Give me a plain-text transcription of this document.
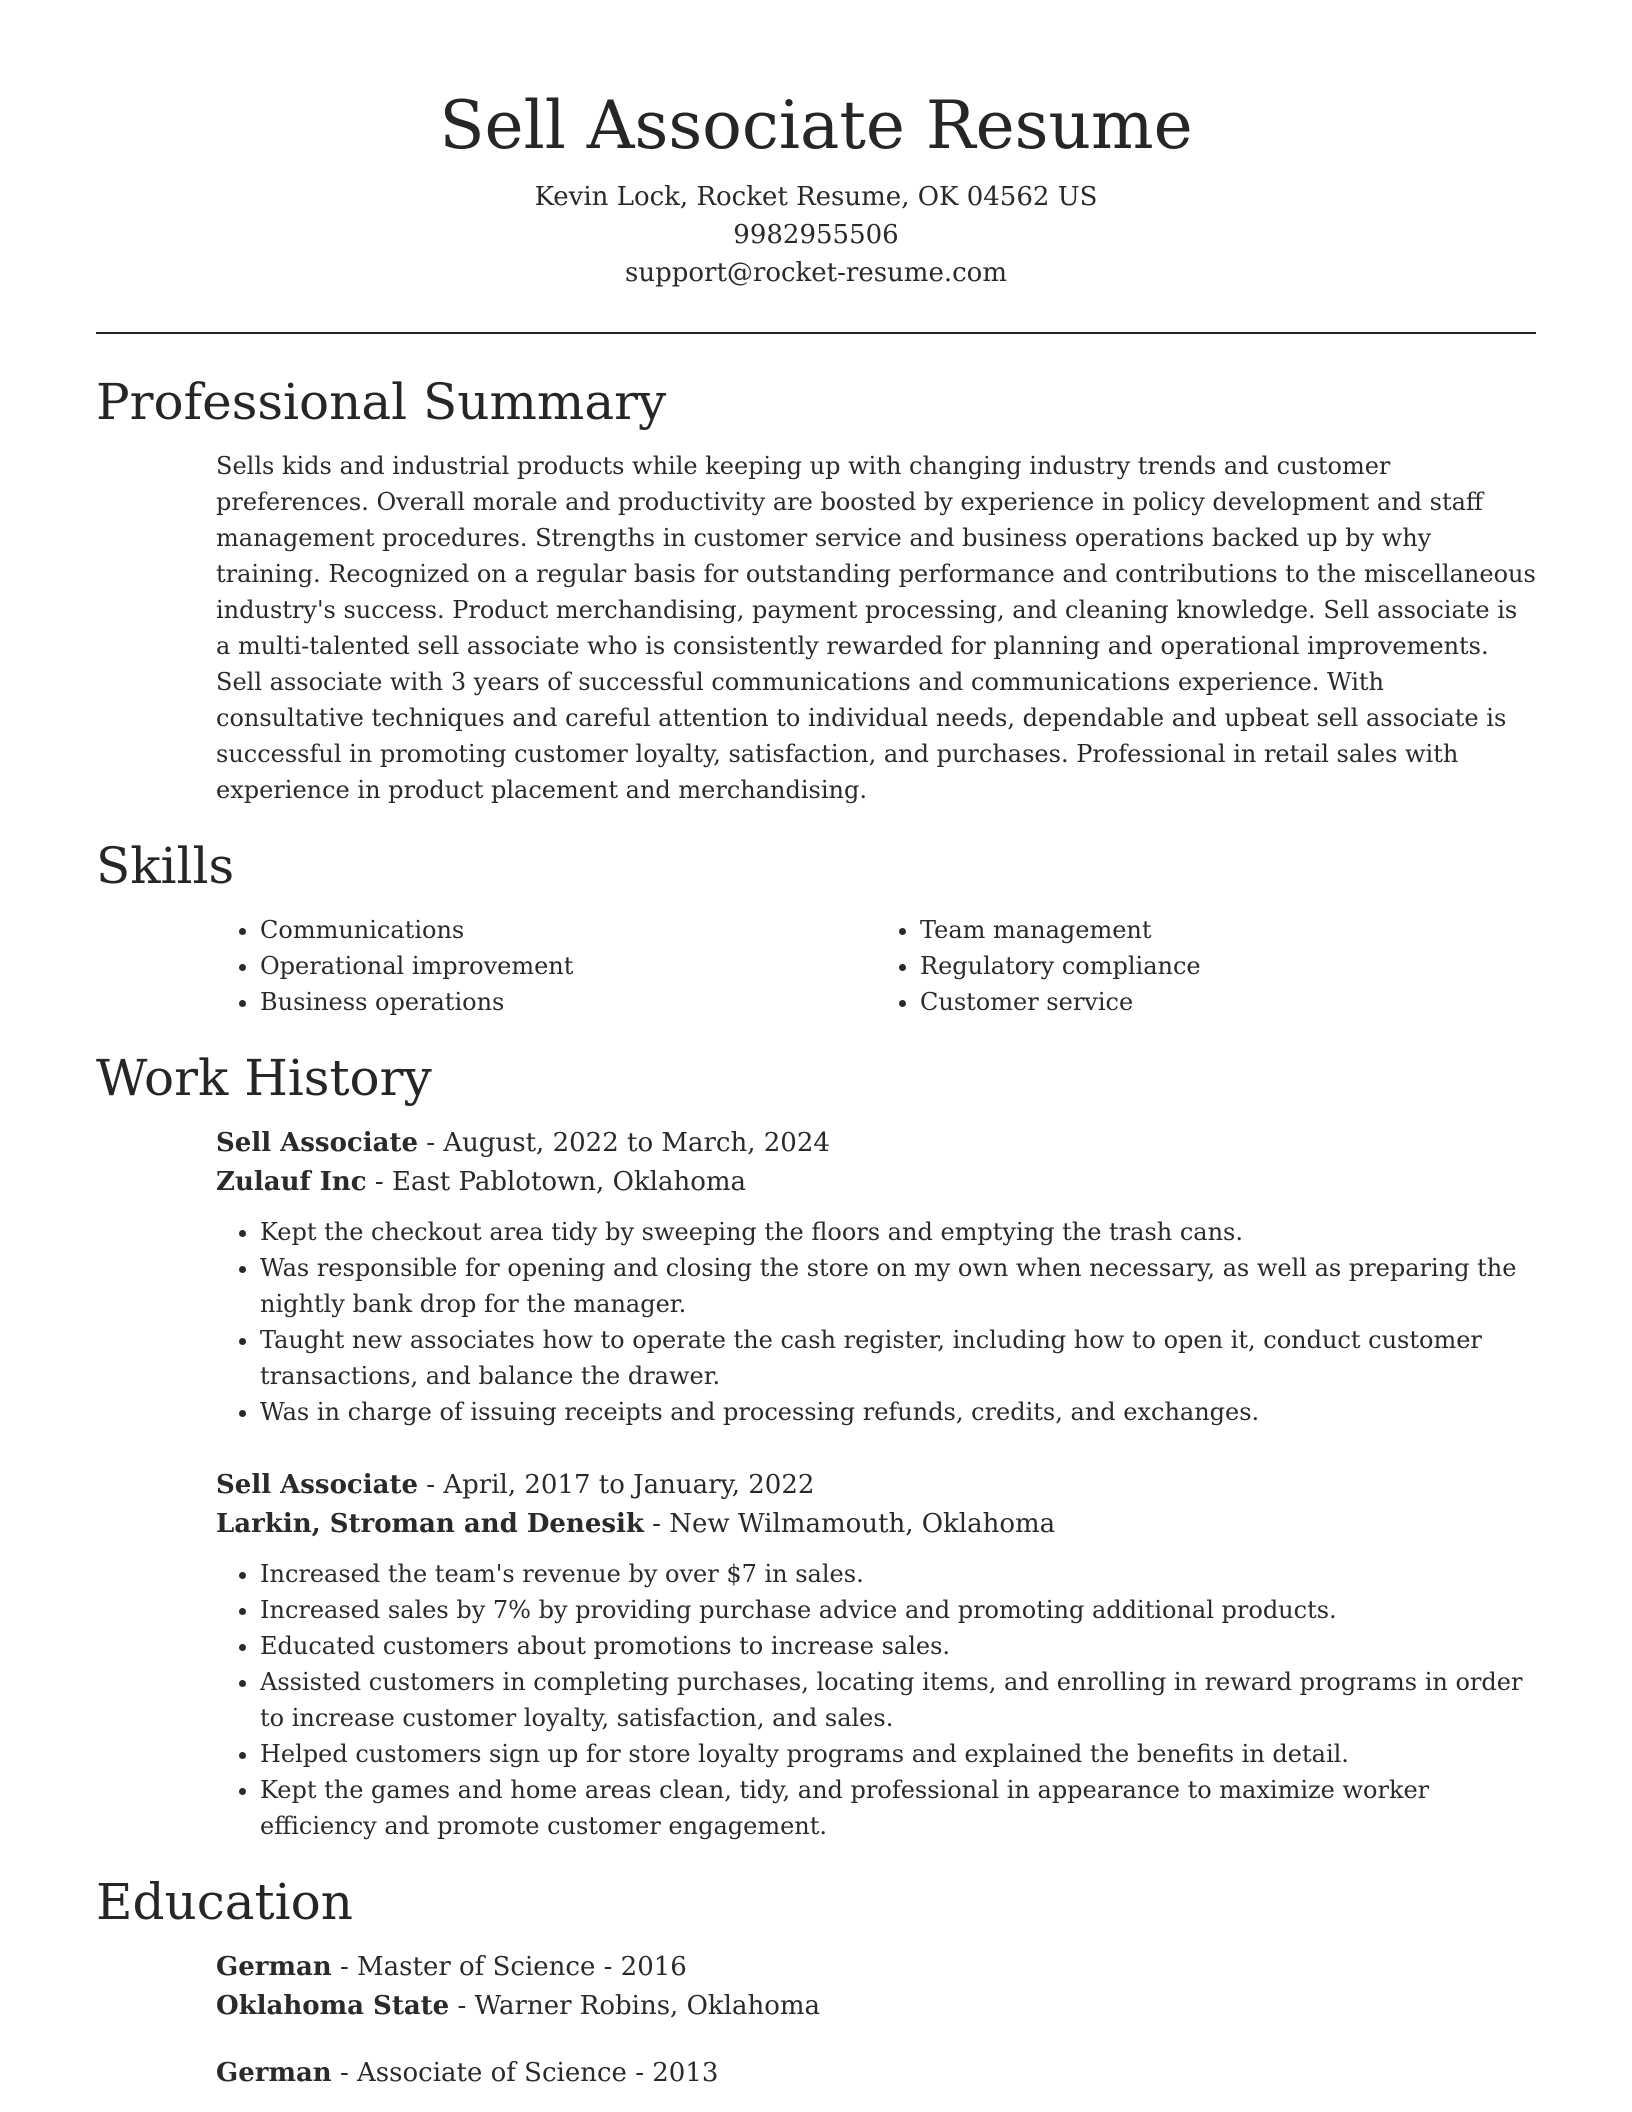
Sell Associate Resume
Kevin Lock, Rocket Resume, OK 04562 US
9982955506
support@rocket-resume.com
Professional Summary

Sells kids and industrial products while keeping up with changing industry trends and customer preferences. Overall morale and productivity are boosted by experience in policy development and staff management procedures. Strengths in customer service and business operations backed up by why training. Recognized on a regular basis for outstanding performance and contributions to the miscellaneous industry's success. Product merchandising, payment processing, and cleaning knowledge. Sell associate is a multi-talented sell associate who is consistently rewarded for planning and operational improvements. Sell associate with 3 years of successful communications and communications experience. With consultative techniques and careful attention to individual needs, dependable and upbeat sell associate is successful in promoting customer loyalty, satisfaction, and purchases. Professional in retail sales with experience in product placement and merchandising.

Skills
• Communications
• Operational improvement
• Business operations
• Team management
• Regulatory compliance
• Customer service
Work History
Sell Associate - August, 2022 to March, 2024
Zulauf Inc - East Pablotown, Oklahoma
• Kept the checkout area tidy by sweeping the floors and emptying the trash cans.
• Was responsible for opening and closing the store on my own when necessary, as well as preparing the nightly bank drop for the manager.
• Taught new associates how to operate the cash register, including how to open it, conduct customer transactions, and balance the drawer.
• Was in charge of issuing receipts and processing refunds, credits, and exchanges.
Sell Associate - April, 2017 to January, 2022
Larkin, Stroman and Denesik - New Wilmamouth, Oklahoma
• Increased the team's revenue by over $7 in sales.
• Increased sales by 7% by providing purchase advice and promoting additional products.
• Educated customers about promotions to increase sales.
• Assisted customers in completing purchases, locating items, and enrolling in reward programs in order to increase customer loyalty, satisfaction, and sales.
• Helped customers sign up for store loyalty programs and explained the benefits in detail.
• Kept the games and home areas clean, tidy, and professional in appearance to maximize worker efficiency and promote customer engagement.
Education
German - Master of Science - 2016
Oklahoma State - Warner Robins, Oklahoma
German - Associate of Science - 2013
